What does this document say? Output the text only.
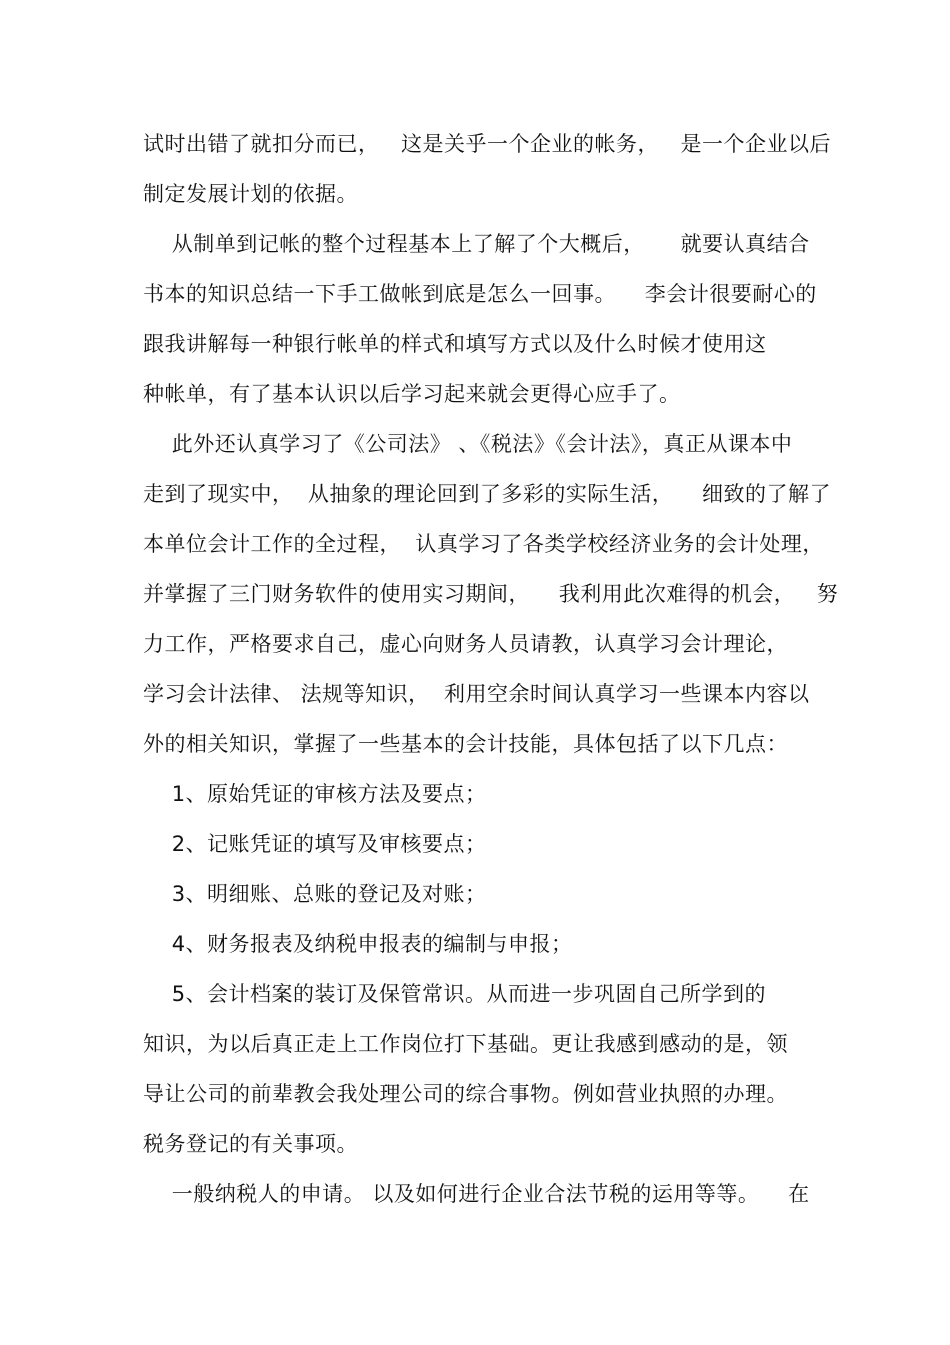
试时出错了就扣分而已，   这是关乎一个企业的帐务，   是一个企业以后
制定发展计划的依据。
从制单到记帐的整个过程基本上了解了个大概后，     就要认真结合
书本的知识总结一下手工做帐到底是怎么一回事。    李会计很要耐心的
跟我讲解每一种银行帐单的样式和填写方式以及什么时候才使用这
种帐单，有了基本认识以后学习起来就会更得心应手了。
此外还认真学习了《公司法》 、《税法》《会计法》，真正从课本中
走到了现实中，  从抽象的理论回到了多彩的实际生活，    细致的了解了
本单位会计工作的全过程，  认真学习了各类学校经济业务的会计处理，
并掌握了三门财务软件的使用实习期间，    我利用此次难得的机会，   努
力工作，严格要求自己，虚心向财务人员请教，认真学习会计理论，
学习会计法律、 法规等知识，  利用空余时间认真学习一些课本内容以
外的相关知识，掌握了一些基本的会计技能，具体包括了以下几点：
1、原始凭证的审核方法及要点；
2、记账凭证的填写及审核要点；
3、明细账、总账的登记及对账；
4、财务报表及纳税申报表的编制与申报；
5、会计档案的装订及保管常识。从而进一步巩固自己所学到的
知识，为以后真正走上工作岗位打下基础。更让我感到感动的是，领
导让公司的前辈教会我处理公司的综合事物。例如营业执照的办理。
税务登记的有关事项。
一般纳税人的申请。 以及如何进行企业合法节税的运用等等。    在
